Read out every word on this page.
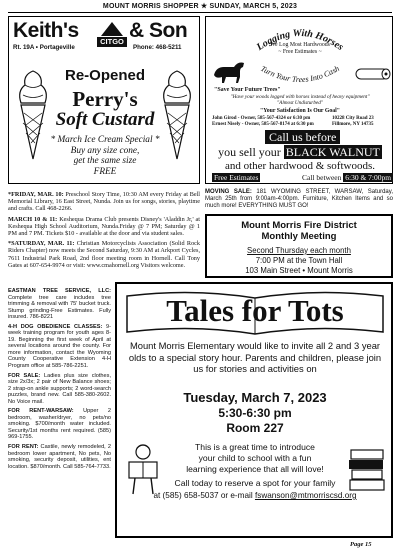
MOUNT MORRIS SHOPPER ★ SUNDAY, MARCH 5, 2023
Keith's & Son
Rt. 19A • Portageville	Phone: 468-5211
CITGO
Re-Opened
Perry's
Soft Custard
* March Ice Cream Special *
Buy any size cone,
get the same size
FREE
Logging With Horses
Turn Your Trees Into Cash
We Log Most Hardwoods
~ Free Estimates ~
"Save Your Future Trees"
"Have your woods logged with horses instead of heavy equipment"
"Almost Undisturbed"
"Your Satisfaction Is Our Goal"
John Girod - Owner, 585-567-4324 or 6:30 pm
Ernest Nisely - Owner, 585-567-8174 at 6:30 pm
10228 City Road 23
Fillmore, NY 14735
Call us before
you sell your BLACK WALNUT
and other hardwood & softwoods.
Free Estimates	Call between 6:30 & 7:00pm

*FRIDAY, MAR. 10: Preschool Story Time, 10:30 AM every Friday at Bell Memorial Library, 16 East Street, Nunda. Join us for songs, stories, playtime and crafts. Call 468-2266.

MARCH 10 & 11: Keshequa Drama Club presents Disney's 'Aladdin Jr,' at Keshequa High School Auditorium, Nunda.Friday @ 7 PM; Saturday @ 1 PM and 7 PM. Tickets $10 - available at the door and via student sales.

*SATURDAY, MAR. 11: Christian Motorcyclists Association (Solid Rock Riders Chapter) now meets the Second Saturday, 9:30 AM at Arkport Cycles, 7611 Industrial Park Road, 2nd floor meeting room in Hornell. Call Tony Gates at 607-654-9974 or visit: www.cmahornell.org Visitors welcome.

MOVING SALE: 181 WYOMING STREET, WARSAW, Saturday, March 25th from 9:00am-4:00pm. Furniture, Kitchen Items and so much more! EVERYTHING MUST GO!
Mount Morris Fire District
Monthly Meeting
Second Thursday each month
7:00 PM at the Town Hall
103 Main Street • Mount Morris

EASTMAN TREE SERVICE, LLC: Complete tree care includes tree trimming & removal with 75' bucket truck. Stump grinding-Free Estimates. Fully insured. 786-8221

4-H DOG OBEDIENCE CLASSES: 9-week training program for youth ages 8-19. Beginning the first week of April at several locations around the county. For more information, contact the Wyoming County Cooperative Extension 4-H Program office at 585-786-2251.

FOR SALE: Ladies plus size clothes, size 2x/3x; 2 pair of New Balance shoes; 2 strap-on ankle supports; 2 word-search puzzles, brand new. Call 585-380-2602. No Voice mail.

FOR RENT-WARSAW: Upper 2 bedroom, washer/dryer, no pets/no smoking. $700/month water included. Security/1st months rent required. (585) 969-1755.

FOR RENT: Castile, newly remodeled, 2 bedroom lower apartment, No pets, No smoking, security deposit, utilities, ent location. $870/month. Call 585-764-7733.

Tales for Tots
Mount Morris Elementary would like to invite all 2 and 3 year olds to a special story hour. Parents and children, please join us for stories and activities on
Tuesday, March 7, 2023
5:30-6:30 pm
Room 227
This is a great time to introduce
your child to school with a fun
learning experience that all will love!
Call today to reserve a spot for your family
at (585) 658-5037 or e-mail fswanson@mtmorriscsd.org
Page 15
